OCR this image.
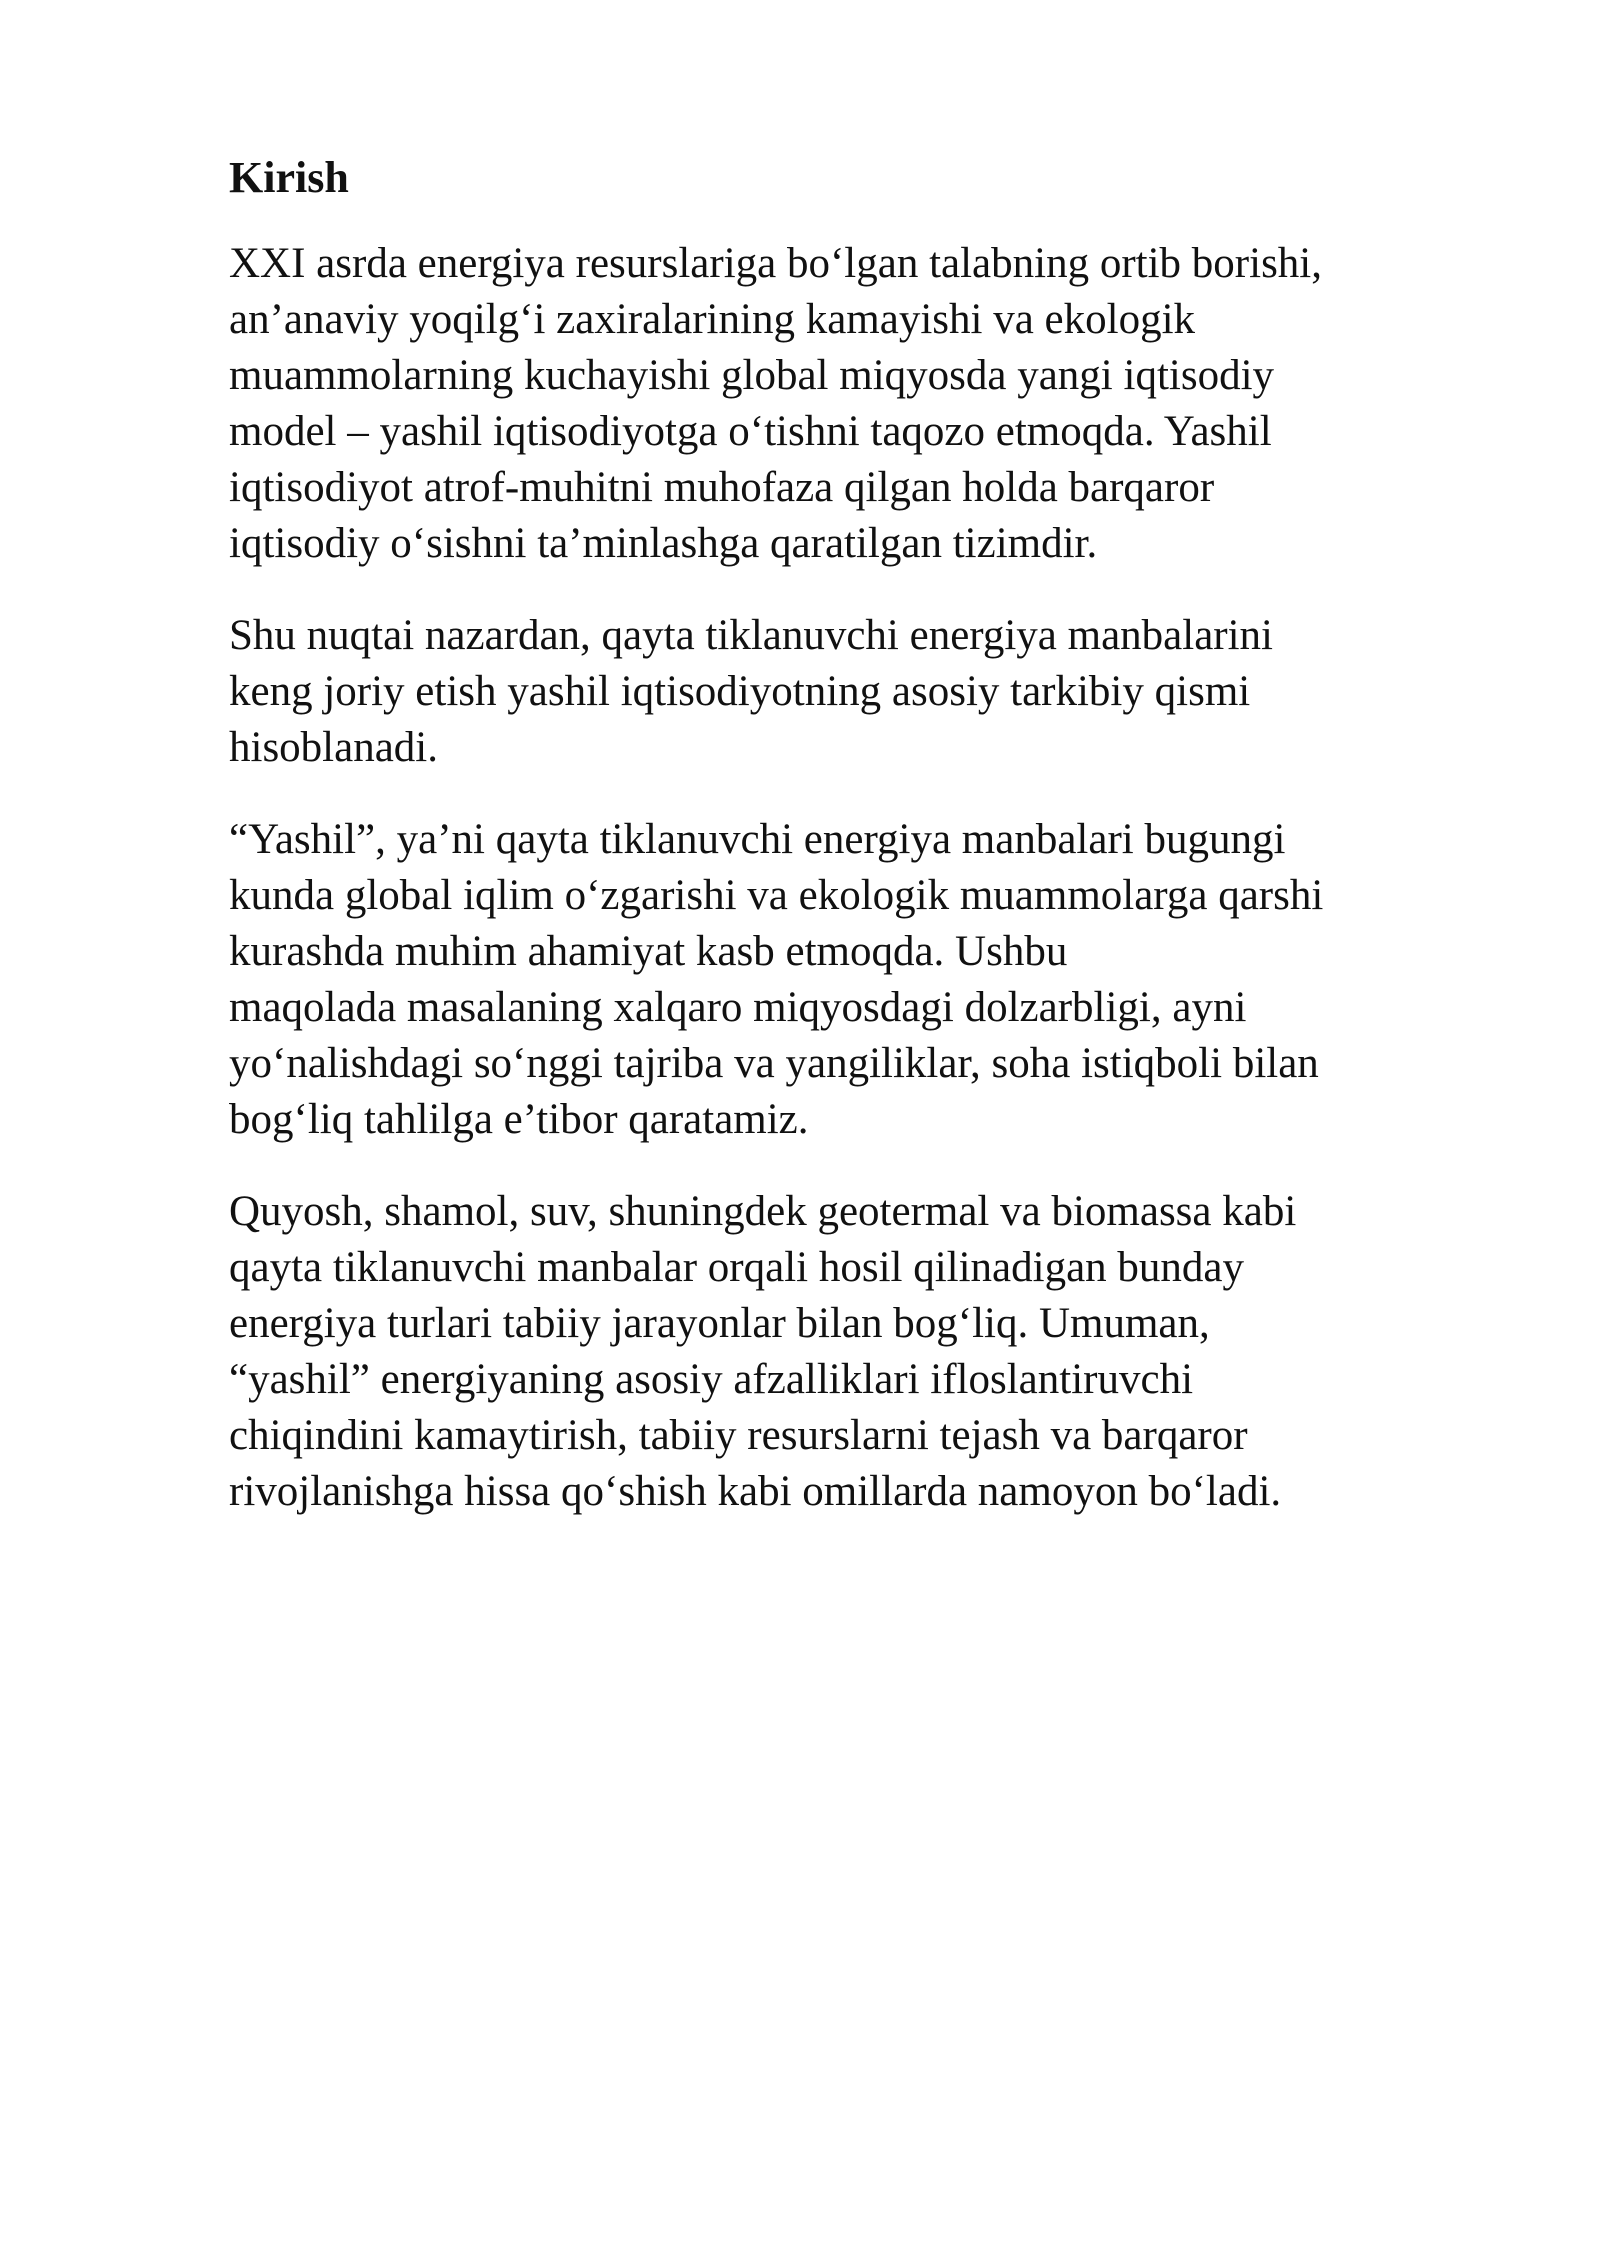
Kirish

XXI asrda energiya resurslariga bo‘lgan talabning ortib borishi,
an’anaviy yoqilg‘i zaxiralarining kamayishi va ekologik
muammolarning kuchayishi global miqyosda yangi iqtisodiy
model – yashil iqtisodiyotga o‘tishni taqozo etmoqda. Yashil
iqtisodiyot atrof-muhitni muhofaza qilgan holda barqaror
iqtisodiy o‘sishni ta’minlashga qaratilgan tizimdir.

Shu nuqtai nazardan, qayta tiklanuvchi energiya manbalarini
keng joriy etish yashil iqtisodiyotning asosiy tarkibiy qismi
hisoblanadi.

“Yashil”, ya’ni qayta tiklanuvchi energiya manbalari bugungi
kunda global iqlim o‘zgarishi va ekologik muammolarga qarshi
kurashda muhim ahamiyat kasb etmoqda. Ushbu
maqolada masalaning xalqaro miqyosdagi dolzarbligi, ayni
yo‘nalishdagi so‘nggi tajriba va yangiliklar, soha istiqboli bilan
bog‘liq tahlilga e’tibor qaratamiz.

Quyosh, shamol, suv, shuningdek geotermal va biomassa kabi
qayta tiklanuvchi manbalar orqali hosil qilinadigan bunday
energiya turlari tabiiy jarayonlar bilan bog‘liq. Umuman,
“yashil” energiyaning asosiy afzalliklari ifloslantiruvchi
chiqindini kamaytirish, tabiiy resurslarni tejash va barqaror
rivojlanishga hissa qo‘shish kabi omillarda namoyon bo‘ladi.
